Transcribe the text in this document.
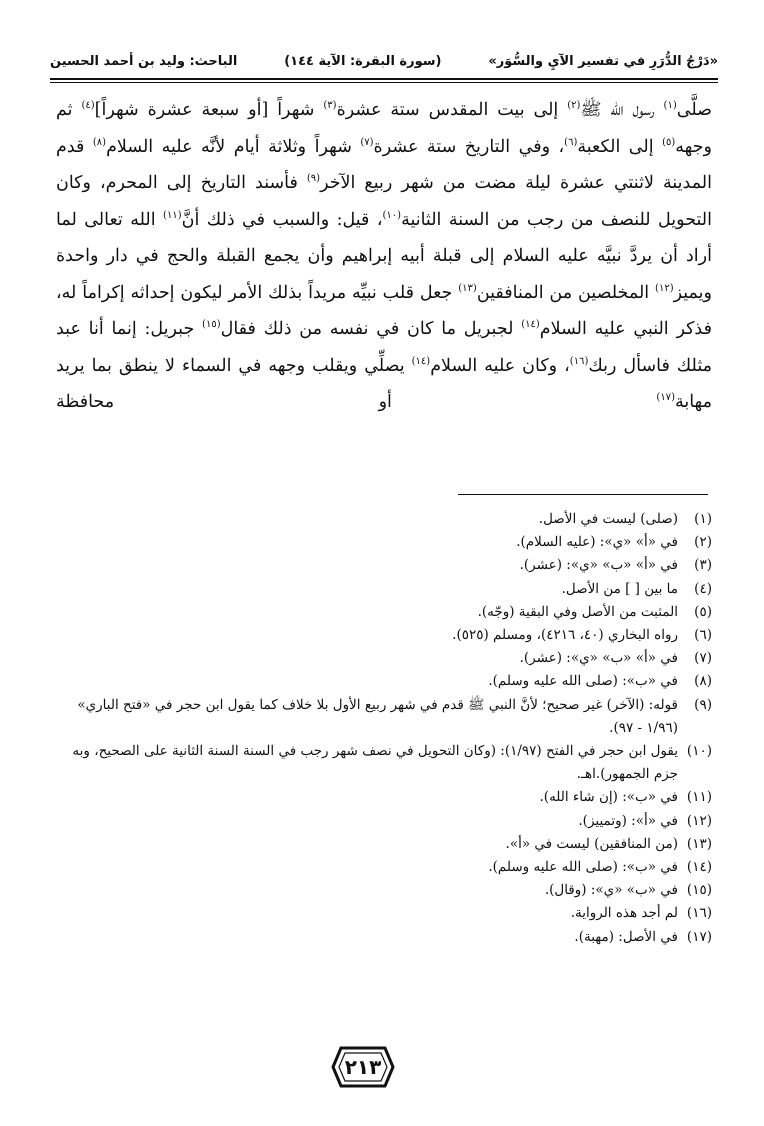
«دَرْجُ الدُّرَرِ في تفسير الآيِ والسُّوَر»
(سورة البقرة: الآية ١٤٤)
الباحث: وليد بن أحمد الحسين

صلَّى$^{(١)}$ رسول الله ﷺ$^{(٢)}$ إلى بيت المقدس ستة عشرة$^{(٣)}$ شهراً [أو سبعة عشرة شهراً]$^{(٤)}$ ثم وجهه$^{(٥)}$ إلى الكعبة$^{(٦)}$، وفي التاريخ ستة عشرة$^{(٧)}$ شهراً وثلاثة أيام لأنَّه عليه السلام$^{(٨)}$ قدم المدينة لاثنتي عشرة ليلة مضت من شهر ربيع الآخر$^{(٩)}$ فأسند التاريخ إلى المحرم، وكان التحويل للنصف من رجب من السنة الثانية$^{(١٠)}$، قيل: والسبب في ذلك أنَّ$^{(١١)}$ الله تعالى لما أراد أن يردَّ نبيَّه عليه السلام إلى قبلة أبيه إبراهيم وأن يجمع القبلة والحج في دار واحدة ويميز$^{(١٢)}$ المخلصين من المنافقين$^{(١٣)}$ جعل قلب نبيِّه مريداً بذلك الأمر ليكون إحداثه إكراماً له، فذكر النبي عليه السلام$^{(١٤)}$ لجبريل ما كان في نفسه من ذلك فقال$^{(١٥)}$ جبريل: إنما أنا عبد مثلك فاسأل ربك$^{(١٦)}$، وكان عليه السلام$^{(١٤)}$ يصلِّي ويقلب وجهه في السماء لا ينطق بما يريد مهابة$^{(١٧)}$ أو محافظة

( ١ )
(صلى) ليست في الأصل.
( ٢ )
في «أ» «ي»: (عليه السلام).
( ٣ )
في «أ» «ب» «ي»: (عشر).
( ٤ )
ما بين [ ] من الأصل.
( ٥ )
المثبت من الأصل وفي البقية (وجّه).
( ٦ )
رواه البخاري (٤٠، ٤٢١٦)، ومسلم (٥٢٥).
( ٧ )
في «أ» «ب» «ي»: (عشر).
( ٨ )
في «ب»: (صلى الله عليه وسلم).
( ٩ )
قوله: (الآخر) غير صحيح؛ لأنَّ النبي ﷺ قدم في شهر ربيع الأول بلا خلاف كما يقول ابن حجر في «فتح الباري» (١/٩٦ - ٩٧).
( ١٠ )
يقول ابن حجر في الفتح (١/٩٧): (وكان التحويل في نصف شهر رجب في السنة السنة الثانية على الصحيح، وبه جزم الجمهور).اهـ.
( ١١ )
في «ب»: (إن شاء الله).
( ١٢ )
في «أ»: (وتمييز).
( ١٣ )
(من المنافقين) ليست في «أ».
( ١٤ )
في «ب»: (صلى الله عليه وسلم).
( ١٥ )
في «ب» «ي»: (وقال).
( ١٦ )
لم أجد هذه الرواية.
( ١٧ )
في الأصل: (مهبة).
٢١٣
